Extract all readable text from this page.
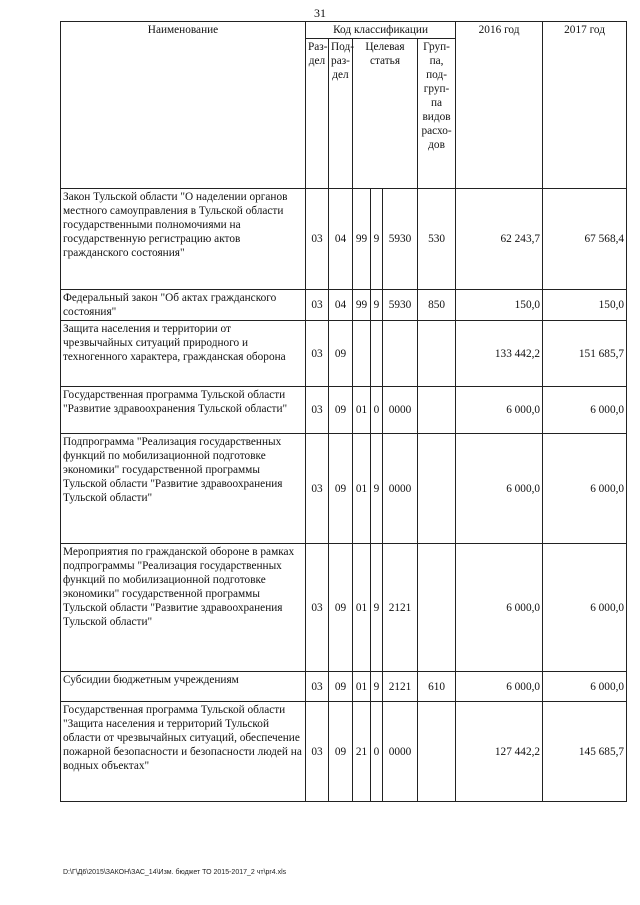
31
Наименование	Код классификации						2016 год	2017 год
	Раз-дел	Под-раз-дел	Целевая статья			Груп-па, под-груп-па видов расхо-дов		
Закон Тульской области "О наделении органов местного самоуправления в Тульской области государственными полномочиями на государственную регистрацию актов гражданского состояния"	03	04	99	9	5930	530	62 243,7	67 568,4
Федеральный закон "Об актах гражданского состояния"	03	04	99	9	5930	850	150,0	150,0
Защита населения и территории от чрезвычайных ситуаций природного и техногенного характера, гражданская оборона	03	09					133 442,2	151 685,7
Государственная программа Тульской области "Развитие здравоохранения Тульской области"	03	09	01	0	0000		6 000,0	6 000,0
Подпрограмма "Реализация государственных функций по мобилизационной подготовке экономики" государственной программы Тульской области "Развитие здравоохранения Тульской области"	03	09	01	9	0000		6 000,0	6 000,0
Мероприятия по гражданской обороне в рамках подпрограммы "Реализация государственных функций по мобилизационной подготовке экономики" государственной программы Тульской области "Развитие здравоохранения Тульской области"	03	09	01	9	2121		6 000,0	6 000,0
Субсидии бюджетным учреждениям	03	09	01	9	2121	610	6 000,0	6 000,0
Государственная программа Тульской области "Защита населения и территорий Тульской области от чрезвычайных ситуаций, обеспечение пожарной безопасности и безопасности людей на водных объектах"	03	09	21	0	0000		127 442,2	145 685,7
D:\Г\Д6\2015\ЗАКОН\ЗАС_14\Изм. бюджет ТО 2015-2017_2 чт\pr4.xls
